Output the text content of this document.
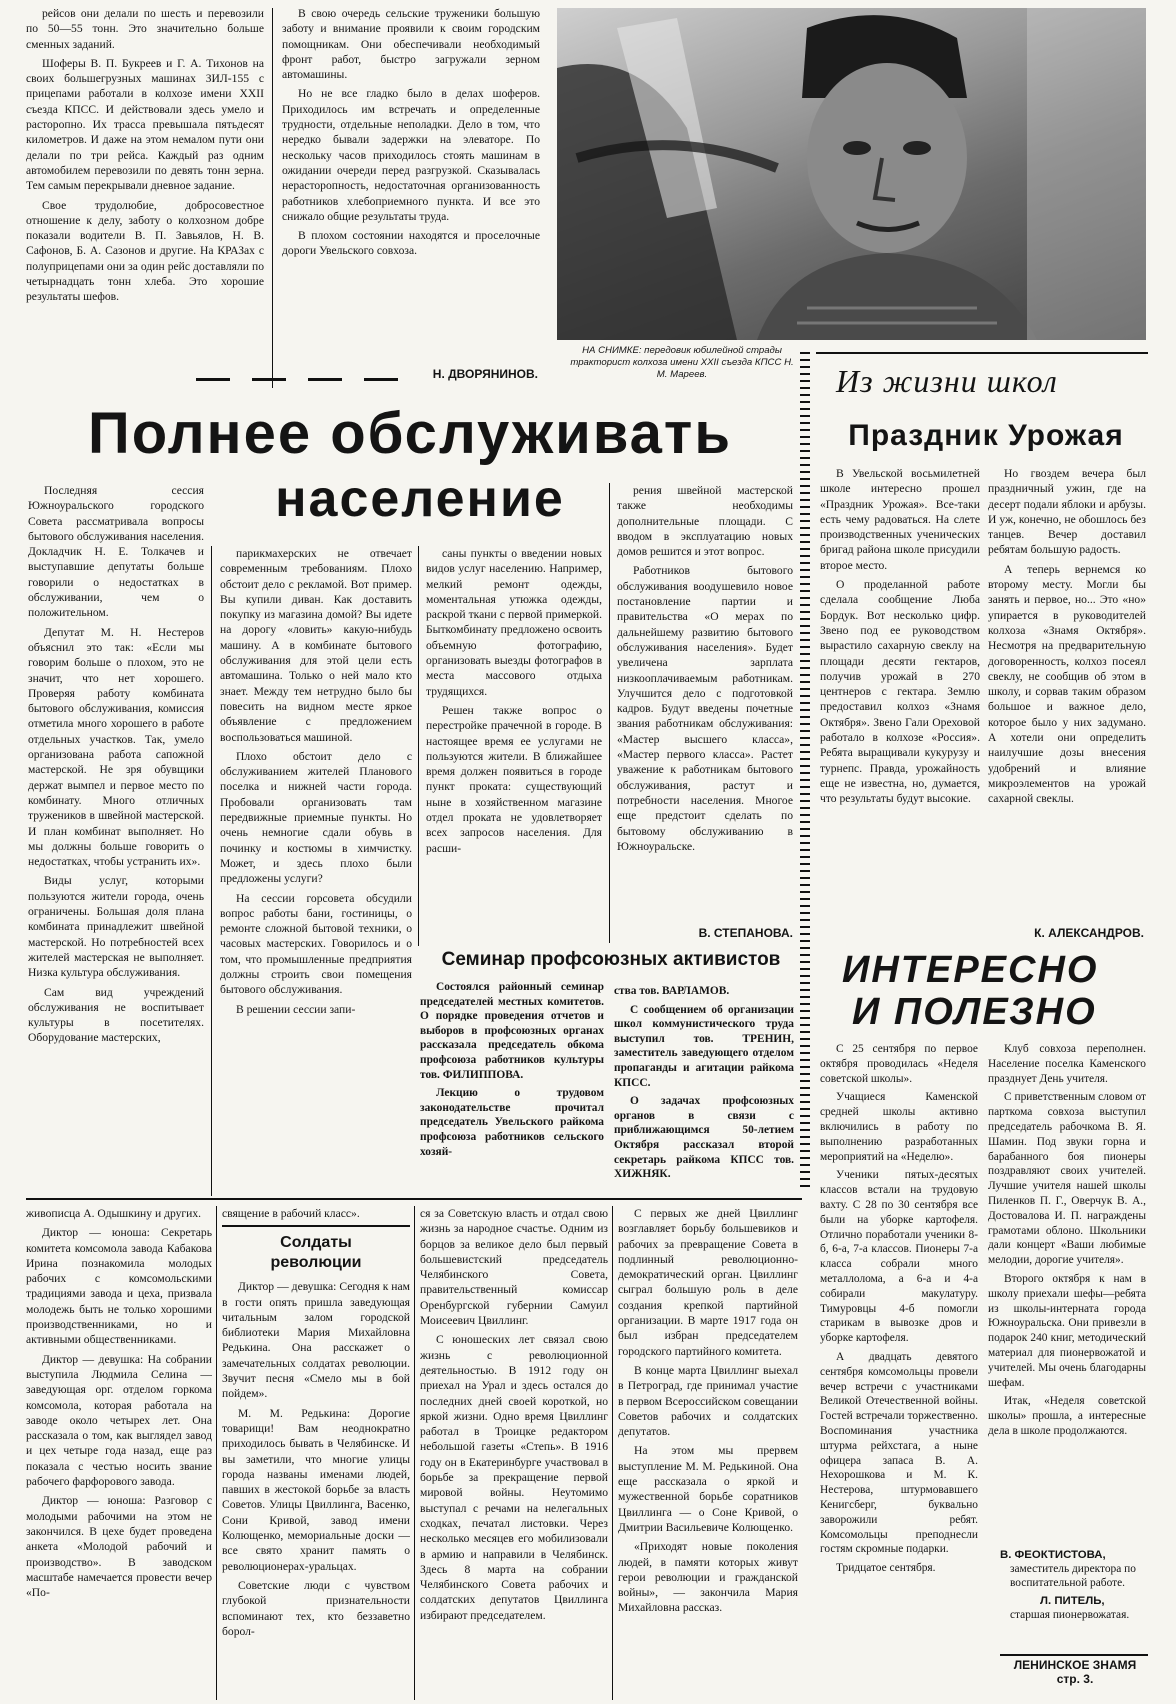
рейсов они делали по шесть и перевозили по 50—55 тонн. Это значительно больше сменных заданий.

Шоферы В. П. Букреев и Г. А. Тихонов на своих большегрузных машинах ЗИЛ-155 с прицепами работали в колхозе имени XXII съезда КПСС. И действовали здесь умело и расторопно. Их трасса превышала пятьдесят километров. И даже на этом немалом пути они делали по три рейса. Каждый раз одним автомобилем перевозили по девять тонн зерна. Тем самым перекрывали дневное задание.

Свое трудолюбие, добросовестное отношение к делу, заботу о колхозном добре показали водители В. П. Завьялов, Н. В. Сафонов, Б. А. Сазонов и другие. На КРАЗах с полуприцепами они за один рейс доставляли по четырнадцать тонн хлеба. Это хорошие результаты шефов.

В свою очередь сельские труженики большую заботу и внимание проявили к своим городским помощникам. Они обеспечивали необходимый фронт работ, быстро загружали зерном автомашины.

Но не все гладко было в делах шоферов. Приходилось им встречать и определенные трудности, отдельные неполадки. Дело в том, что нередко бывали задержки на элеваторе. По нескольку часов приходилось стоять машинам в ожидании очереди перед разгрузкой. Сказывалась нерасторопность, недостаточная организованность работников хлебоприемного пункта. И все это снижало общие результаты труда.

В плохом состоянии находятся и проселочные дороги Увельского совхоза.

Н. ДВОРЯНИНОВ.
НА СНИМКЕ: передовик юбилейной страды тракторист колхоза имени XXII съезда КПСС Н. М. Мареев.
Полнее обслуживать
население

Последняя сессия Южноуральского городского Совета рассматривала вопросы бытового обслуживания населения. Докладчик Н. Е. Толкачев и выступавшие депутаты больше говорили о недостатках в обслуживании, чем о положительном.

Депутат М. Н. Нестеров объяснил это так: «Если мы говорим больше о плохом, это не значит, что нет хорошего. Проверяя работу комбината бытового обслуживания, комиссия отметила много хорошего в работе отдельных участков. Так, умело организована работа сапожной мастерской. Не зря обувщики держат вымпел и первое место по комбинату. Много отличных тружеников в швейной мастерской. И план комбинат выполняет. Но мы должны больше говорить о недостатках, чтобы устранить их».

Виды услуг, которыми пользуются жители города, очень ограничены. Большая доля плана комбината принадлежит швейной мастерской. Но потребностей всех жителей мастерская не выполняет. Низка культура обслуживания.

Сам вид учреждений обслуживания не воспитывает культуры в посетителях. Оборудование мастерских,

парикмахерских не отвечает современным требованиям. Плохо обстоит дело с рекламой. Вот пример. Вы купили диван. Как доставить покупку из магазина домой? Вы идете на дорогу «ловить» какую-нибудь машину. А в комбинате бытового обслуживания для этой цели есть автомашина. Только о ней мало кто знает. Между тем нетрудно было бы повесить на видном месте яркое объявление с предложением воспользоваться машиной.

Плохо обстоит дело с обслуживанием жителей Планового поселка и нижней части города. Пробовали организовать там передвижные приемные пункты. Но очень немногие сдали обувь в починку и костюмы в химчистку. Может, и здесь плохо были предложены услуги?

На сессии горсовета обсудили вопрос работы бани, гостиницы, о ремонте сложной бытовой техники, о часовых мастерских. Говорилось и о том, что промышленные предприятия должны строить свои помещения бытового обслуживания.

В решении сессии запи-

саны пункты о введении новых видов услуг населению. Например, мелкий ремонт одежды, моментальная утюжка одежды, раскрой ткани с первой примеркой. Быткомбинату предложено освоить объемную фотографию, организовать выезды фотографов в места массового отдыха трудящихся.

Решен также вопрос о перестройке прачечной в городе. В настоящее время ее услугами не пользуются жители. В ближайшее время должен появиться в городе пункт проката: существующий ныне в хозяйственном магазине отдел проката не удовлетворяет всех запросов населения. Для расши-

рения швейной мастерской также необходимы дополнительные площади. С вводом в эксплуатацию новых домов решится и этот вопрос.

Работников бытового обслуживания воодушевило новое постановление партии и правительства «О мерах по дальнейшему развитию бытового обслуживания населения». Будет увеличена зарплата низкооплачиваемым работникам. Улучшится дело с подготовкой кадров. Будут введены почетные звания работникам обслуживания: «Мастер высшего класса», «Мастер первого класса». Растет уважение к работникам бытового обслуживания, растут и потребности населения. Многое еще предстоит сделать по бытовому обслуживанию в Южноуральске.

В. СТЕПАНОВА.
Семинар профсоюзных активистов

Состоялся районный семинар председателей местных комитетов. О порядке проведения отчетов и выборов в профсоюзных органах рассказала председатель обкома профсоюза работников культуры тов. ФИЛИППОВА.

Лекцию о трудовом законодательстве прочитал председатель Увельского райкома профсоюза работников сельского хозяй-

ства тов. ВАРЛАМОВ.

С сообщением об организации школ коммунистического труда выступил тов. ТРЕНИН, заместитель заведующего отделом пропаганды и агитации райкома КПСС.

О задачах профсоюзных органов в связи с приближающимся 50-летием Октября рассказал второй секретарь райкома КПСС тов. ХИЖНЯК.

Из жизни школ
Праздник Урожая

В Увельской восьмилетней школе интересно прошел «Праздник Урожая». Все-таки есть чему радоваться. На слете производственных ученических бригад района школе присудили второе место.

О проделанной работе сделала сообщение Люба Бордук. Вот несколько цифр. Звено под ее руководством вырастило сахарную свеклу на площади десяти гектаров, получив урожай в 270 центнеров с гектара. Землю предоставил колхоз «Знамя Октября». Звено Гали Ореховой работало в колхозе «Россия». Ребята выращивали кукурузу и турнепс. Правда, урожайность еще не известна, но, думается, что результаты будут высокие.

Но гвоздем вечера был праздничный ужин, где на десерт подали яблоки и арбузы. И уж, конечно, не обошлось без танцев. Вечер доставил ребятам большую радость.

А теперь вернемся ко второму месту. Могли бы занять и первое, но... Это «но» упирается в руководителей колхоза «Знамя Октября». Несмотря на предварительную договоренность, колхоз посеял свеклу, не сообщив об этом в школу, и сорвав таким образом большое и важное дело, которое было у них задумано. А хотели они определить наилучшие дозы внесения удобрений и влияние микроэлементов на урожай сахарной свеклы.

К. АЛЕКСАНДРОВ.
ИНТЕРЕСНО
И ПОЛЕЗНО

С 25 сентября по первое октября проводилась «Неделя советской школы».

Учащиеся Каменской средней школы активно включились в работу по выполнению разработанных мероприятий на «Неделю».

Ученики пятых-десятых классов встали на трудовую вахту. С 28 по 30 сентября все были на уборке картофеля. Отлично поработали ученики 8-б, 6-а, 7-а классов. Пионеры 7-а класса собрали много металлолома, а 6-а и 4-а собирали макулатуру. Тимуровцы 4-б помогли старикам в вывозке дров и уборке картофеля.

А двадцать девятого сентября комсомольцы провели вечер встречи с участниками Великой Отечественной войны. Гостей встречали торжественно. Воспоминания участника штурма рейхстага, а ныне офицера запаса В. А. Нехорошкова и М. К. Нестерова, штурмовавшего Кенигсберг, буквально заворожили ребят. Комсомольцы преподнесли гостям скромные подарки.

Тридцатое сентября.

Клуб совхоза переполнен. Население поселка Каменского празднует День учителя.

С приветственным словом от парткома совхоза выступил председатель рабочкома В. Я. Шамин. Под звуки горна и барабанного боя пионеры поздравляют своих учителей. Лучшие учителя нашей школы Пиленков П. Г., Оверчук В. А., Достовалова И. П. награждены грамотами облоно. Школьники дали концерт «Ваши любимые мелодии, дорогие учителя».

Второго октября к нам в школу приехали шефы—ребята из школы-интерната города Южноуральска. Они привезли в подарок 240 книг, методический материал для пионервожатой и учителей. Мы очень благодарны шефам.

Итак, «Неделя советской школы» прошла, а интересные дела в школе продолжаются.

В. ФЕОКТИСТОВА,
заместитель директора по воспитательной работе.
Л. ПИТЕЛЬ,
старшая пионервожатая.

живописца А. Одышкину и других.

Диктор — юноша: Секретарь комитета комсомола завода Кабакова Ирина познакомила молодых рабочих с комсомольскими традициями завода и цеха, призвала молодежь быть не только хорошими производственниками, но и активными общественниками.

Диктор — девушка: На собрании выступила Людмила Селина — заведующая орг. отделом горкома комсомола, которая работала на заводе около четырех лет. Она рассказала о том, как выглядел завод и цех четыре года назад, еще раз показала с честью носить звание рабочего фарфорового завода.

Диктор — юноша: Разговор с молодыми рабочими на этом не закончился. В цехе будет проведена анкета «Молодой рабочий и производство». В заводском масштабе намечается провести вечер «По-

священие в рабочий класс».

Солдаты революции

Диктор — девушка: Сегодня к нам в гости опять пришла заведующая читальным залом городской библиотеки Мария Михайловна Редькина. Она расскажет о замечательных солдатах революции. Звучит песня «Смело мы в бой пойдем».

М. М. Редькина: Дорогие товарищи! Вам неоднократно приходилось бывать в Челябинске. И вы заметили, что многие улицы города названы именами людей, павших в жестокой борьбе за власть Советов. Улицы Цвиллинга, Васенко, Сони Кривой, завод имени Колющенко, мемориальные доски — все свято хранит память о революционерах-уральцах.

Советские люди с чувством глубокой признательности вспоминают тех, кто беззаветно борол-

ся за Советскую власть и отдал свою жизнь за народное счастье. Одним из борцов за великое дело был первый большевистский председатель Челябинского Совета, правительственный комиссар Оренбургской губернии Самуил Моисеевич Цвиллинг.

С юношеских лет связал свою жизнь с революционной деятельностью. В 1912 году он приехал на Урал и здесь остался до последних дней своей короткой, но яркой жизни. Одно время Цвиллинг работал в Троицке редактором небольшой газеты «Степь». В 1916 году он в Екатеринбурге участвовал в борьбе за прекращение первой мировой войны. Неутомимо выступал с речами на нелегальных сходках, печатал листовки. Через несколько месяцев его мобилизовали в армию и направили в Челябинск. Здесь 8 марта на собрании Челябинского Совета рабочих и солдатских депутатов Цвиллинга избирают председателем.

С первых же дней Цвиллинг возглавляет борьбу большевиков и рабочих за превращение Совета в подлинный революционно-демократический орган. Цвиллинг сыграл большую роль в деле создания крепкой партийной организации. В марте 1917 года он был избран председателем городского партийного комитета.

В конце марта Цвиллинг выехал в Петроград, где принимал участие в первом Всероссийском совещании Советов рабочих и солдатских депутатов.

На этом мы прервем выступление М. М. Редькиной. Она еще рассказала о яркой и мужественной борьбе соратников Цвиллинга — о Соне Кривой, о Дмитрии Васильевиче Колющенко.

«Приходят новые поколения людей, в памяти которых живут герои революции и гражданской войны», — закончила Мария Михайловна рассказ.

ЛЕНИНСКОЕ ЗНАМЯ стр. 3.
